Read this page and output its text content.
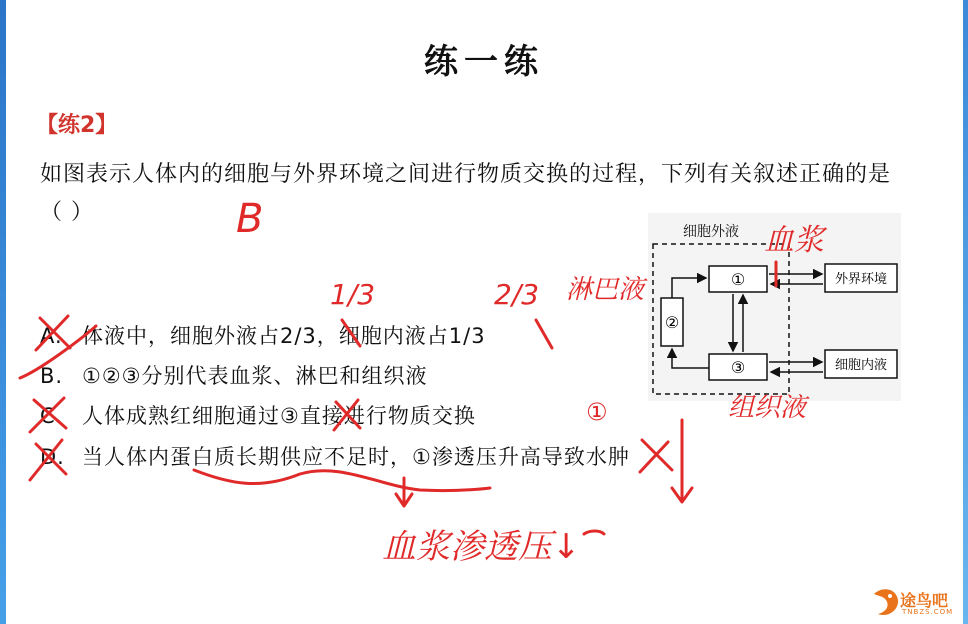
练一练
【练2】
如图表示人体内的细胞与外界环境之间进行物质交换的过程，下列有关叙述正确的是（ ）
A. 体液中，细胞外液占2/3，细胞内液占1/3
B. ①②③分别代表血浆、淋巴和组织液
C. 人体成熟红细胞通过③直接进行物质交换
D. 当人体内蛋白质长期供应不足时，①渗透压升高导致水肿
细胞外液
①
②
③
外界环境
细胞内液
B
1/3	2/3
血浆
淋巴液
组织液
①
血浆渗透压↓
途鸟吧
TNBZS.COM
